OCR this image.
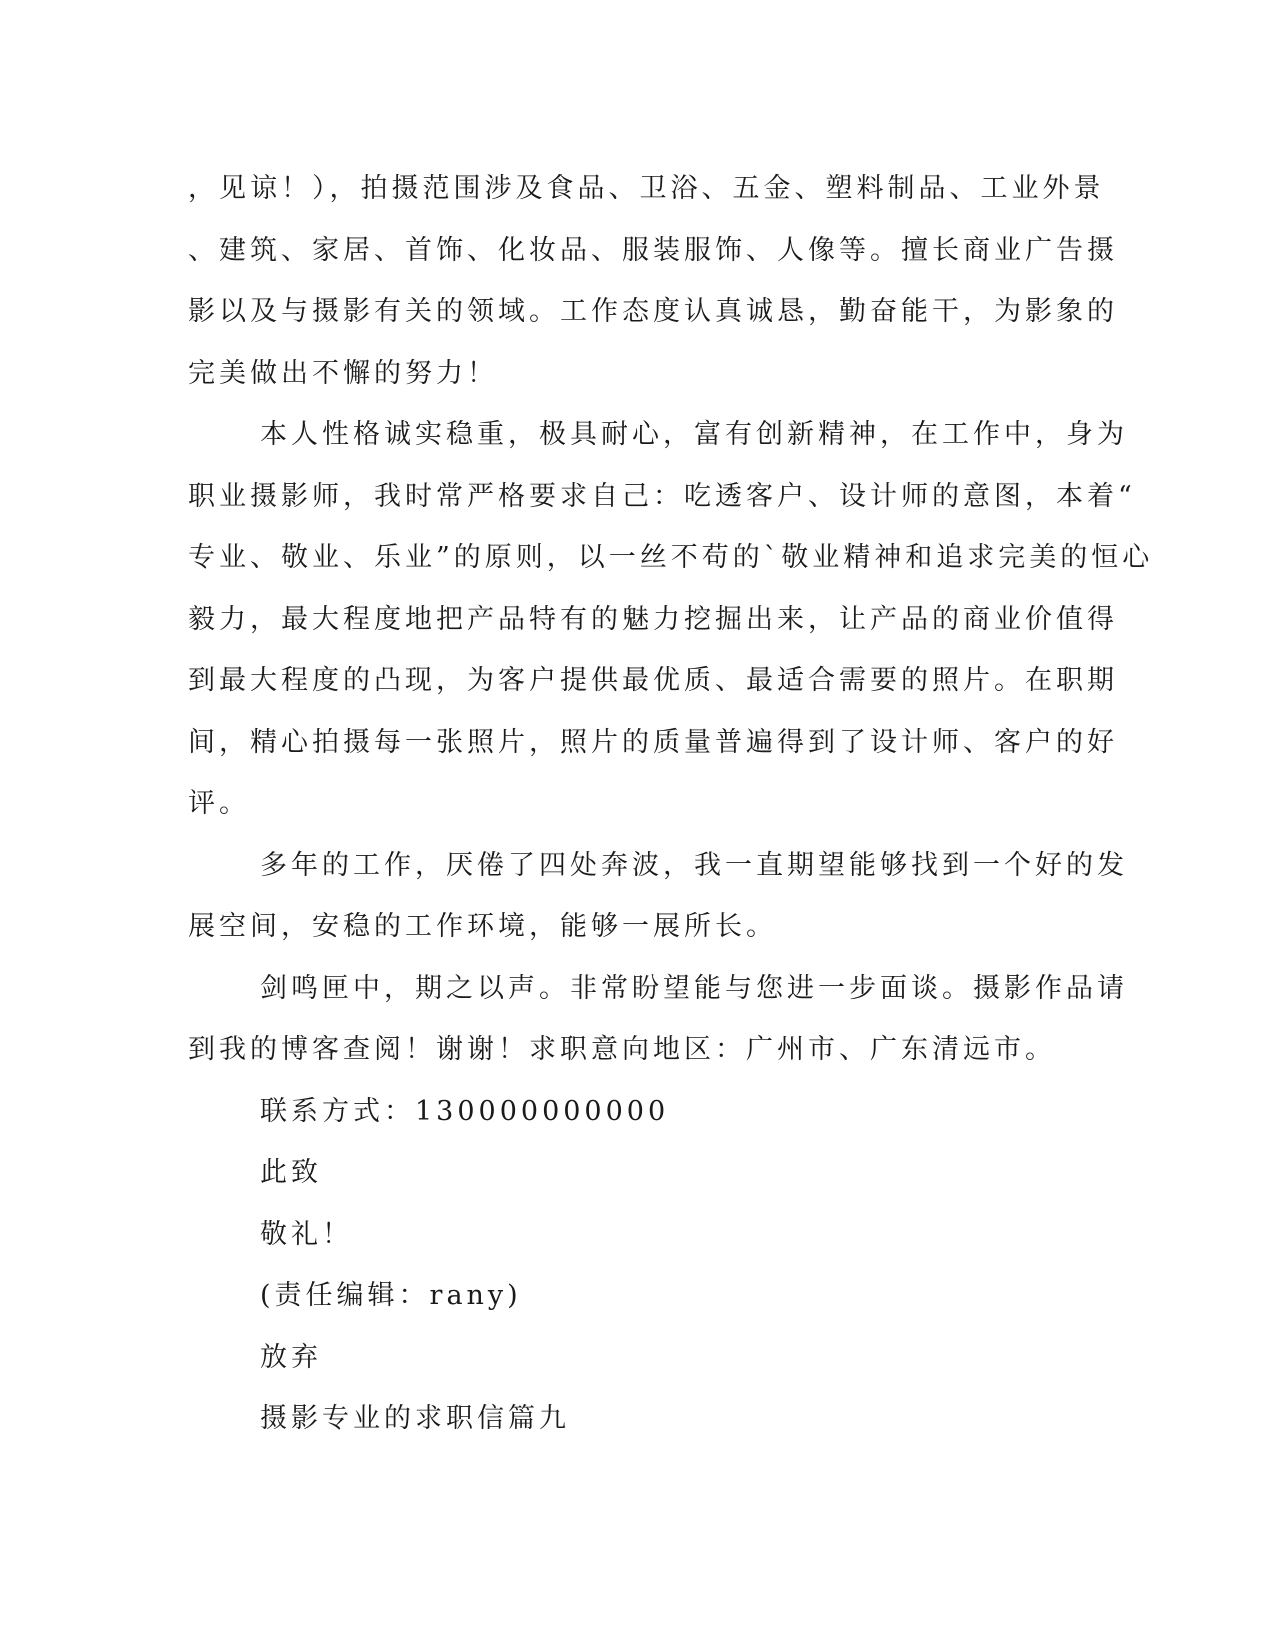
，见谅！），拍摄范围涉及食品、卫浴、五金、塑料制品、工业外景
、建筑、家居、首饰、化妆品、服装服饰、人像等。擅长商业广告摄
影以及与摄影有关的领域。工作态度认真诚恳，勤奋能干，为影象的
完美做出不懈的努力！
本人性格诚实稳重，极具耐心，富有创新精神，在工作中，身为
职业摄影师，我时常严格要求自己：吃透客户、设计师的意图，本着“
专业、敬业、乐业”的原则，以一丝不苟的`敬业精神和追求完美的恒心
毅力，最大程度地把产品特有的魅力挖掘出来，让产品的商业价值得
到最大程度的凸现，为客户提供最优质、最适合需要的照片。在职期
间，精心拍摄每一张照片，照片的质量普遍得到了设计师、客户的好
评。
多年的工作，厌倦了四处奔波，我一直期望能够找到一个好的发
展空间，安稳的工作环境，能够一展所长。
剑鸣匣中，期之以声。非常盼望能与您进一步面谈。摄影作品请
到我的博客查阅！谢谢！求职意向地区：广州市、广东清远市。
联系方式：130000000000
此致
敬礼！
(责任编辑：rany)
放弃
摄影专业的求职信篇九
